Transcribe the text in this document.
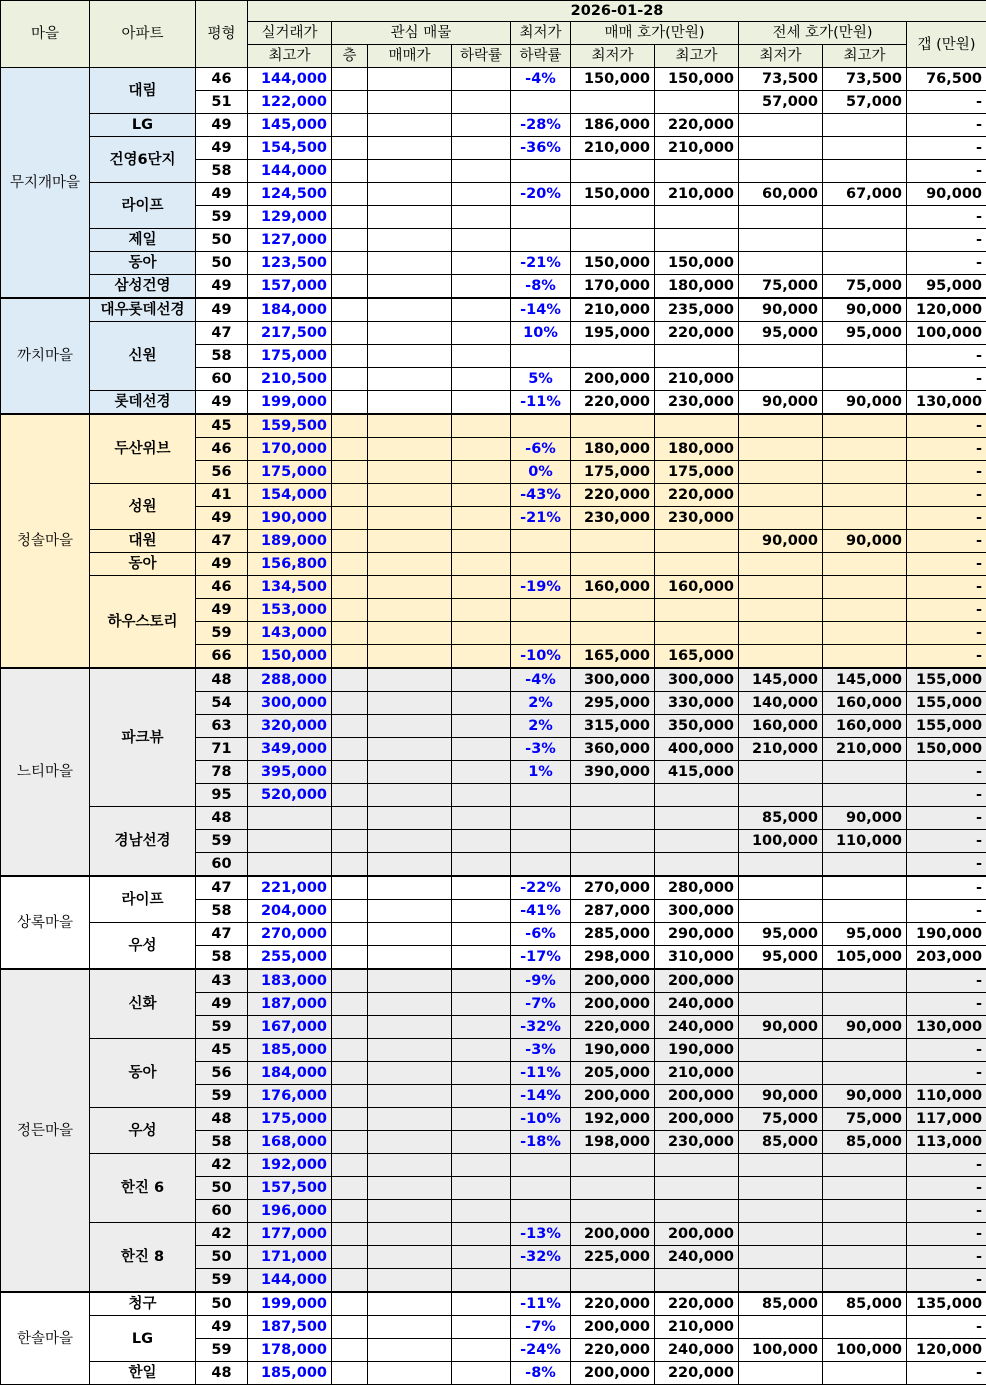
마을	아파트	평형	2026-01-28									
			실거래가	관심 매물			최저가	매매 호가(만원)		전세 호가(만원)		갭 (만원)
			최고가	층	매매가	하락률	하락률	최저가	최고가	최저가	최고가	
무지개마을	대림	46	144,000				-4%	150,000	150,000	73,500	73,500	76,500
		51	122,000							57,000	57,000	-
	LG	49	145,000				-28%	186,000	220,000			-
	건영6단지	49	154,500				-36%	210,000	210,000			-
		58	144,000									-
	라이프	49	124,500				-20%	150,000	210,000	60,000	67,000	90,000
		59	129,000									-
	제일	50	127,000									-
	동아	50	123,500				-21%	150,000	150,000			-
	삼성건영	49	157,000				-8%	170,000	180,000	75,000	75,000	95,000
까치마을	대우롯데선경	49	184,000				-14%	210,000	235,000	90,000	90,000	120,000
	신원	47	217,500				10%	195,000	220,000	95,000	95,000	100,000
		58	175,000									-
		60	210,500				5%	200,000	210,000			-
	롯데선경	49	199,000				-11%	220,000	230,000	90,000	90,000	130,000
청솔마을	두산위브	45	159,500									-
		46	170,000				-6%	180,000	180,000			-
		56	175,000				0%	175,000	175,000			-
	성원	41	154,000				-43%	220,000	220,000			-
		49	190,000				-21%	230,000	230,000			-
	대원	47	189,000							90,000	90,000	-
	동아	49	156,800									-
	하우스토리	46	134,500				-19%	160,000	160,000			-
		49	153,000									-
		59	143,000									-
		66	150,000				-10%	165,000	165,000			-
느티마을	파크뷰	48	288,000				-4%	300,000	300,000	145,000	145,000	155,000
		54	300,000				2%	295,000	330,000	140,000	160,000	155,000
		63	320,000				2%	315,000	350,000	160,000	160,000	155,000
		71	349,000				-3%	360,000	400,000	210,000	210,000	150,000
		78	395,000				1%	390,000	415,000			-
		95	520,000									-
	경남선경	48								85,000	90,000	-
		59								100,000	110,000	-
		60										-
상록마을	라이프	47	221,000				-22%	270,000	280,000			-
		58	204,000				-41%	287,000	300,000			-
	우성	47	270,000				-6%	285,000	290,000	95,000	95,000	190,000
		58	255,000				-17%	298,000	310,000	95,000	105,000	203,000
정든마을	신화	43	183,000				-9%	200,000	200,000			-
		49	187,000				-7%	200,000	240,000			-
		59	167,000				-32%	220,000	240,000	90,000	90,000	130,000
	동아	45	185,000				-3%	190,000	190,000			-
		56	184,000				-11%	205,000	210,000			-
		59	176,000				-14%	200,000	200,000	90,000	90,000	110,000
	우성	48	175,000				-10%	192,000	200,000	75,000	75,000	117,000
		58	168,000				-18%	198,000	230,000	85,000	85,000	113,000
	한진 6	42	192,000									-
		50	157,500									-
		60	196,000									-
	한진 8	42	177,000				-13%	200,000	200,000			-
		50	171,000				-32%	225,000	240,000			-
		59	144,000									-
한솔마을	청구	50	199,000				-11%	220,000	220,000	85,000	85,000	135,000
	LG	49	187,500				-7%	200,000	210,000			-
		59	178,000				-24%	220,000	240,000	100,000	100,000	120,000
	한일	48	185,000				-8%	200,000	220,000			-
